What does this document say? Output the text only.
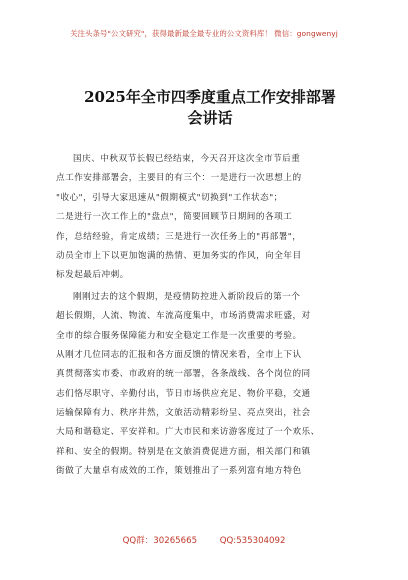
关注头条号"公文研究"，获得最新最全最专业的公文资料库！ 微信：gongwenyj
2025年全市四季度重点工作安排部署
会讲话
国庆、中秋双节长假已经结束，今天召开这次全市节后重
点工作安排部署会，主要目的有三个：一是进行一次思想上的
"收心"，引导大家迅速从"假期模式"切换到"工作状态"；
二是进行一次工作上的"盘点"，简要回顾节日期间的各项工
作，总结经验，肯定成绩；三是进行一次任务上的"再部署"，
动员全市上下以更加饱满的热情、更加务实的作风，向全年目
标发起最后冲刺。
刚刚过去的这个假期，是疫情防控进入新阶段后的第一个
超长假期，人流、物流、车流高度集中，市场消费需求旺盛，对
全市的综合服务保障能力和安全稳定工作是一次重要的考验。
从刚才几位同志的汇报和各方面反馈的情况来看，全市上下认
真贯彻落实市委、市政府的统一部署，各条战线、各个岗位的同
志们恪尽职守、辛勤付出，节日市场供应充足、物价平稳，交通
运输保障有力、秩序井然，文旅活动精彩纷呈、亮点突出，社会
大局和谐稳定、平安祥和。广大市民和来访游客度过了一个欢乐、
祥和、安全的假期。特别是在文旅消费促进方面，相关部门和镇
街做了大量卓有成效的工作，策划推出了一系列富有地方特色
QQ群：30265665	QQ:535304092
